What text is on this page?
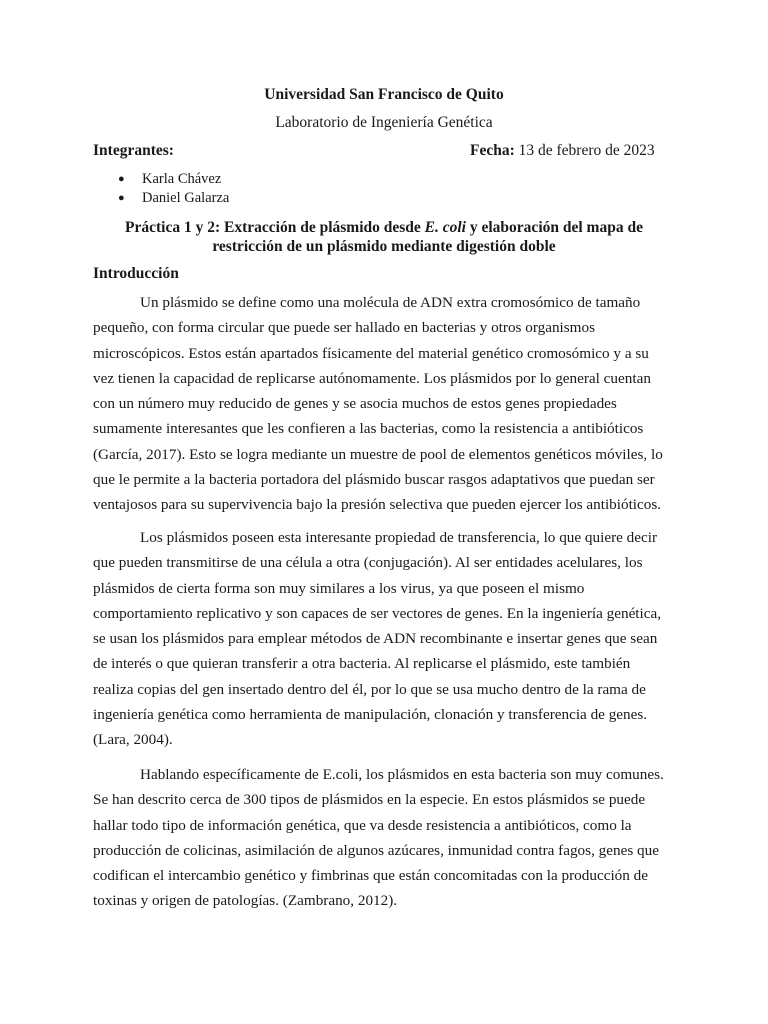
Universidad San Francisco de Quito
Laboratorio de Ingeniería Genética
Integrantes:	Fecha: 13 de febrero de 2023
● Karla Chávez
● Daniel Galarza
Práctica 1 y 2: Extracción de plásmido desde E. coli y elaboración del mapa de
restricción de un plásmido mediante digestión doble
Introducción

Un plásmido se define como una molécula de ADN extra cromosómico de tamaño
pequeño, con forma circular que puede ser hallado en bacterias y otros organismos
microscópicos. Estos están apartados físicamente del material genético cromosómico y a su
vez tienen la capacidad de replicarse autónomamente. Los plásmidos por lo general cuentan
con un número muy reducido de genes y se asocia muchos de estos genes propiedades
sumamente interesantes que les confieren a las bacterias, como la resistencia a antibióticos
(García, 2017). Esto se logra mediante un muestre de pool de elementos genéticos móviles, lo
que le permite a la bacteria portadora del plásmido buscar rasgos adaptativos que puedan ser
ventajosos para su supervivencia bajo la presión selectiva que pueden ejercer los antibióticos.

Los plásmidos poseen esta interesante propiedad de transferencia, lo que quiere decir
que pueden transmitirse de una célula a otra (conjugación). Al ser entidades acelulares, los
plásmidos de cierta forma son muy similares a los virus, ya que poseen el mismo
comportamiento replicativo y son capaces de ser vectores de genes. En la ingeniería genética,
se usan los plásmidos para emplear métodos de ADN recombinante e insertar genes que sean
de interés o que quieran transferir a otra bacteria. Al replicarse el plásmido, este también
realiza copias del gen insertado dentro del él, por lo que se usa mucho dentro de la rama de
ingeniería genética como herramienta de manipulación, clonación y transferencia de genes.
(Lara, 2004).

Hablando específicamente de E.coli, los plásmidos en esta bacteria son muy comunes.
Se han descrito cerca de 300 tipos de plásmidos en la especie. En estos plásmidos se puede
hallar todo tipo de información genética, que va desde resistencia a antibióticos, como la
producción de colicinas, asimilación de algunos azúcares, inmunidad contra fagos, genes que
codifican el intercambio genético y fimbrinas que están concomitadas con la producción de
toxinas y origen de patologías. (Zambrano, 2012).
